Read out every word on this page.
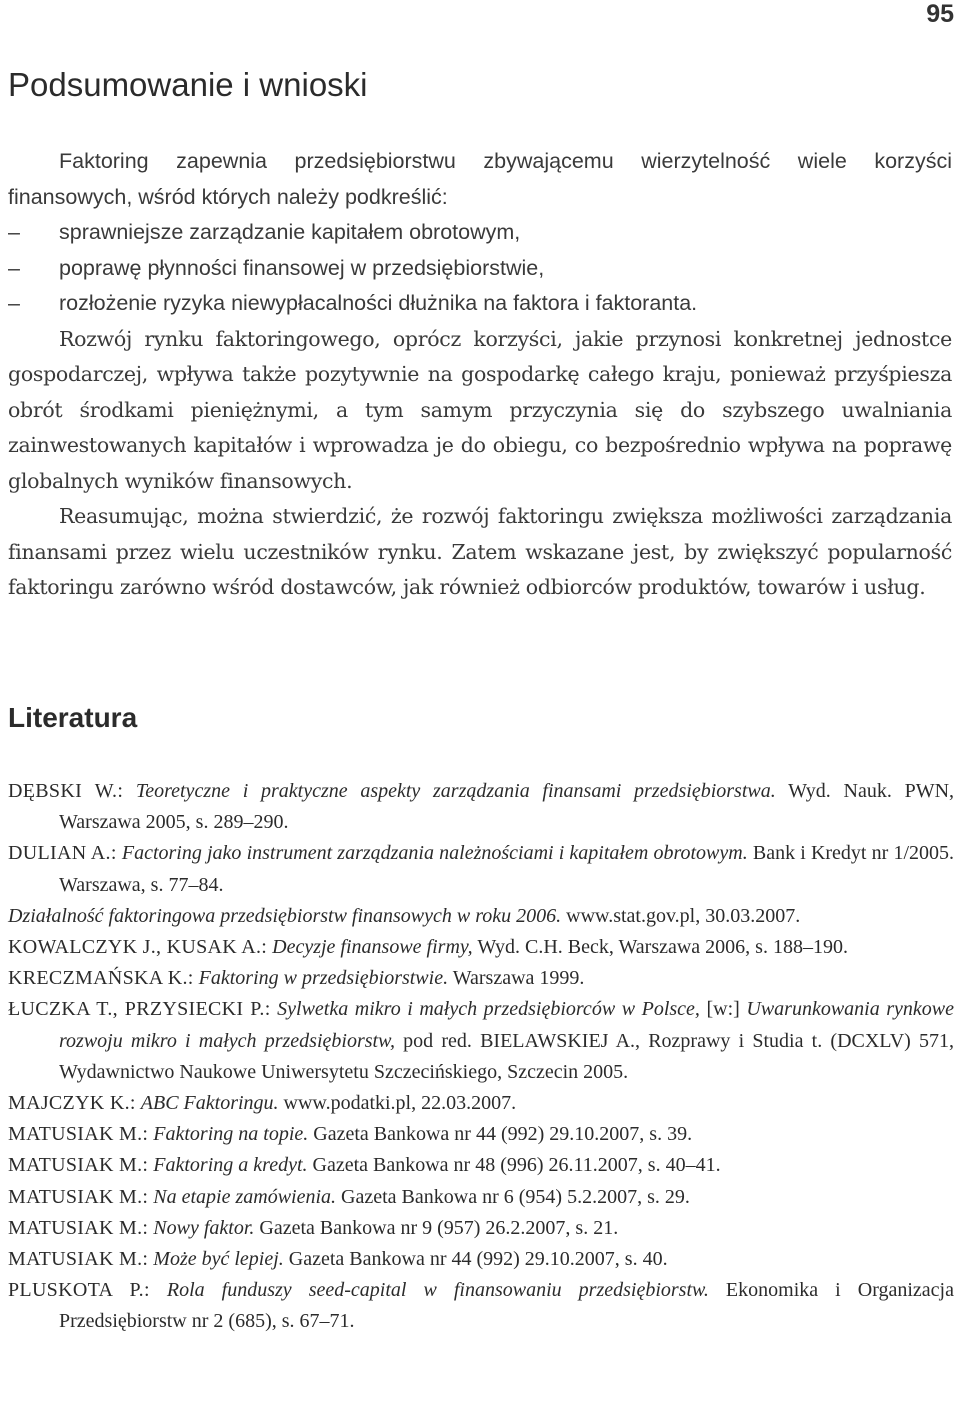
95
Podsumowanie i wnioski

Faktoring zapewnia przedsiębiorstwu zbywającemu wierzytelność wiele korzyści finansowych, wśród których należy podkreślić:

– sprawniejsze zarządzanie kapitałem obrotowym,
– poprawę płynności finansowej w przedsiębiorstwie,
– rozłożenie ryzyka niewypłacalności dłużnika na faktora i faktoranta.

Rozwój rynku faktoringowego, oprócz korzyści, jakie przynosi konkretnej jednostce gospodarczej, wpływa także pozytywnie na gospodarkę całego kraju, ponieważ przyśpiesza obrót środkami pieniężnymi, a tym samym przyczynia się do szybszego uwalniania zainwestowanych kapitałów i wprowadza je do obiegu, co bezpośrednio wpływa na poprawę globalnych wyników finansowych.

Reasumując, można stwierdzić, że rozwój faktoringu zwiększa możliwości zarządzania finansami przez wielu uczestników rynku. Zatem wskazane jest, by zwiększyć popularność faktoringu zarówno wśród dostawców, jak również odbiorców produktów, towarów i usług.

Literatura

DĘBSKI W.: Teoretyczne i praktyczne aspekty zarządzania finansami przedsiębiorstwa. Wyd. Nauk. PWN, Warszawa 2005, s. 289–290.

DULIAN A.: Factoring jako instrument zarządzania należnościami i kapitałem obrotowym. Bank i Kredyt nr 1/2005. Warszawa, s. 77–84.

Działalność faktoringowa przedsiębiorstw finansowych w roku 2006. www.stat.gov.pl, 30.03.2007.

KOWALCZYK J., KUSAK A.: Decyzje finansowe firmy, Wyd. C.H. Beck, Warszawa 2006, s. 188–190.

KRECZMAŃSKA K.: Faktoring w przedsiębiorstwie. Warszawa 1999.

ŁUCZKA T., PRZYSIECKI P.: Sylwetka mikro i małych przedsiębiorców w Polsce, [w:] Uwarunkowania rynkowe rozwoju mikro i małych przedsiębiorstw, pod red. BIELAWSKIEJ A., Rozprawy i Studia t. (DCXLV) 571, Wydawnictwo Naukowe Uniwersytetu Szczecińskiego, Szczecin 2005.

MAJCZYK K.: ABC Faktoringu. www.podatki.pl, 22.03.2007.

MATUSIAK M.: Faktoring na topie. Gazeta Bankowa nr 44 (992) 29.10.2007, s. 39.

MATUSIAK M.: Faktoring a kredyt. Gazeta Bankowa nr 48 (996) 26.11.2007, s. 40–41.

MATUSIAK M.: Na etapie zamówienia. Gazeta Bankowa nr 6 (954) 5.2.2007, s. 29.

MATUSIAK M.: Nowy faktor. Gazeta Bankowa nr 9 (957) 26.2.2007, s. 21.

MATUSIAK M.: Może być lepiej. Gazeta Bankowa nr 44 (992) 29.10.2007, s. 40.

PLUSKOTA P.: Rola funduszy seed-capital w finansowaniu przedsiębiorstw. Ekonomika i Organizacja Przedsiębiorstw nr 2 (685), s. 67–71.
